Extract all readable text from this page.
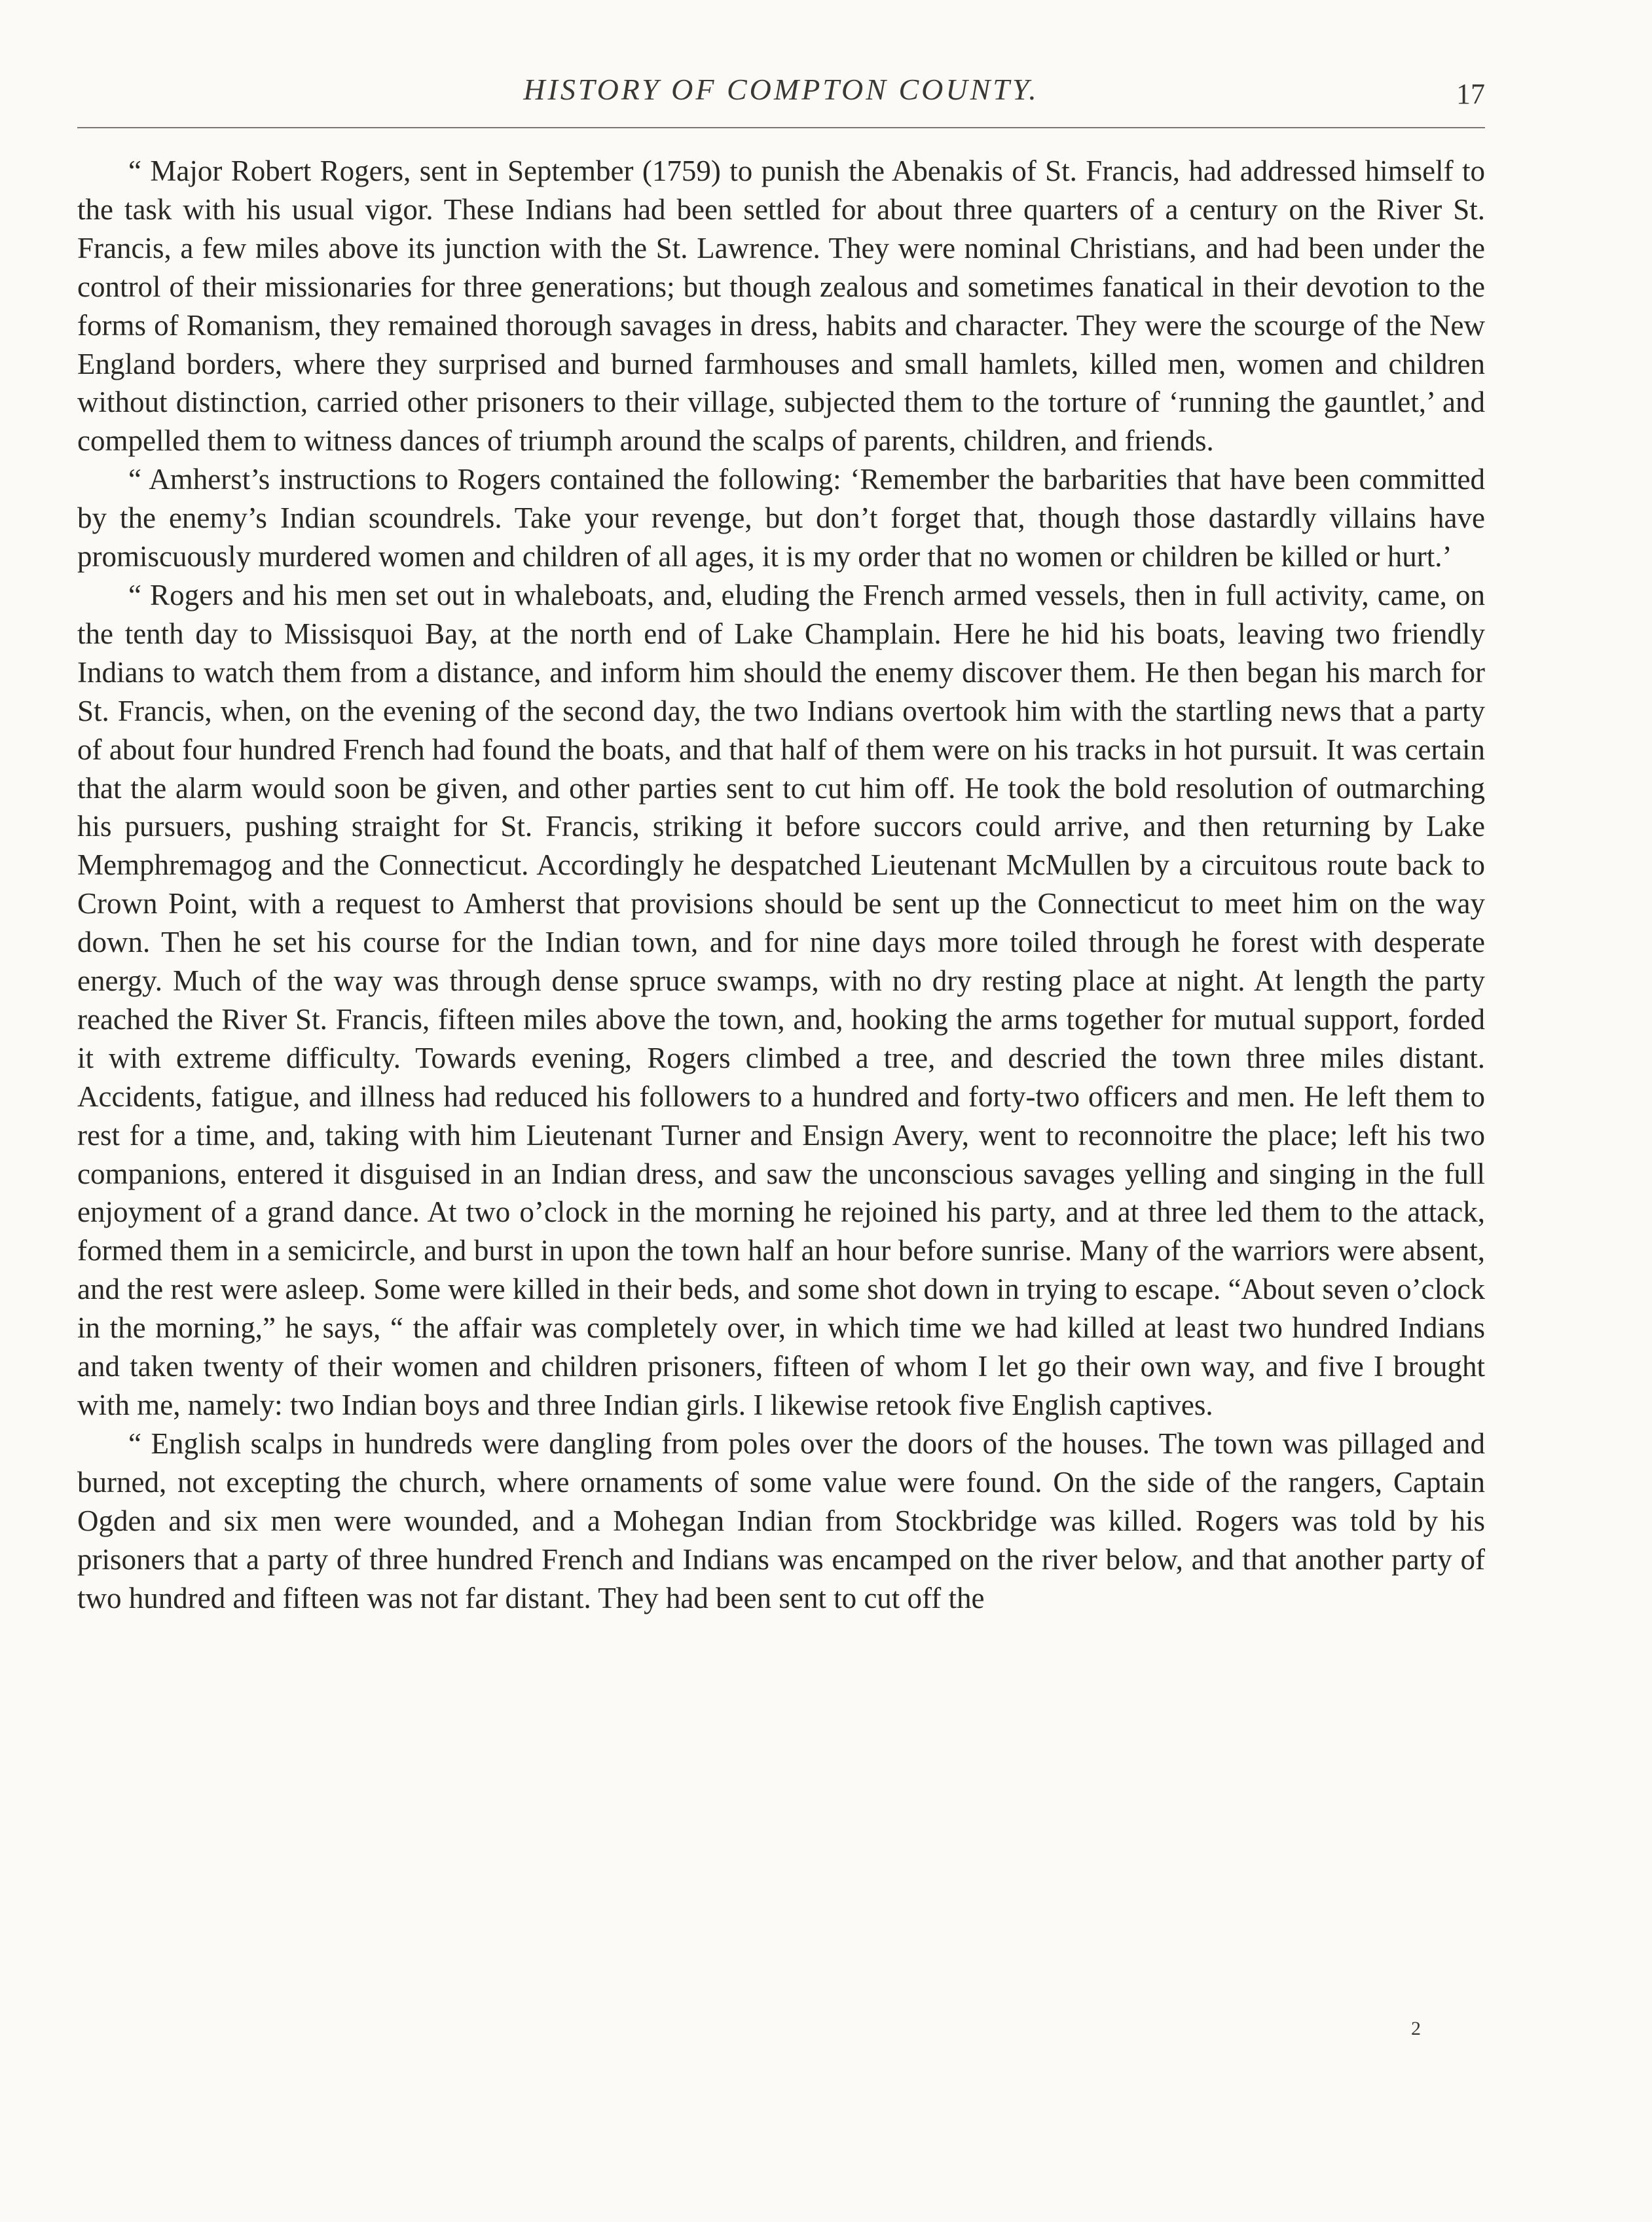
HISTORY OF COMPTON COUNTY.	17

“ Major Robert Rogers, sent in September (1759) to punish the Abenakis of St. Francis, had addressed himself to the task with his usual vigor. These Indians had been settled for about three quarters of a century on the River St. Francis, a few miles above its junction with the St. Lawrence. They were nominal Christians, and had been under the control of their missionaries for three generations; but though zealous and sometimes fanatical in their devotion to the forms of Romanism, they remained thorough savages in dress, habits and character. They were the scourge of the New England borders, where they surprised and burned farmhouses and small hamlets, killed men, women and children without distinction, carried other prisoners to their village, subjected them to the torture of ‘running the gauntlet,’ and compelled them to witness dances of triumph around the scalps of parents, children, and friends.

“ Amherst’s instructions to Rogers contained the following: ‘Remember the barbarities that have been committed by the enemy’s Indian scoundrels. Take your revenge, but don’t forget that, though those dastardly villains have promiscuously murdered women and children of all ages, it is my order that no women or children be killed or hurt.’

“ Rogers and his men set out in whaleboats, and, eluding the French armed vessels, then in full activity, came, on the tenth day to Missisquoi Bay, at the north end of Lake Champlain. Here he hid his boats, leaving two friendly Indians to watch them from a distance, and inform him should the enemy discover them. He then began his march for St. Francis, when, on the evening of the second day, the two Indians overtook him with the startling news that a party of about four hundred French had found the boats, and that half of them were on his tracks in hot pursuit. It was certain that the alarm would soon be given, and other parties sent to cut him off. He took the bold resolution of outmarching his pursuers, pushing straight for St. Francis, striking it before succors could arrive, and then returning by Lake Memphremagog and the Connecticut. Accordingly he despatched Lieutenant McMullen by a circuitous route back to Crown Point, with a request to Amherst that provisions should be sent up the Connecticut to meet him on the way down. Then he set his course for the Indian town, and for nine days more toiled through he forest with desperate energy. Much of the way was through dense spruce swamps, with no dry resting place at night. At length the party reached the River St. Francis, fifteen miles above the town, and, hooking the arms together for mutual support, forded it with extreme difficulty. Towards evening, Rogers climbed a tree, and descried the town three miles distant. Accidents, fatigue, and illness had reduced his followers to a hundred and forty-two officers and men. He left them to rest for a time, and, taking with him Lieutenant Turner and Ensign Avery, went to reconnoitre the place; left his two companions, entered it disguised in an Indian dress, and saw the unconscious savages yelling and singing in the full enjoyment of a grand dance. At two o’clock in the morning he rejoined his party, and at three led them to the attack, formed them in a semicircle, and burst in upon the town half an hour before sunrise. Many of the warriors were absent, and the rest were asleep. Some were killed in their beds, and some shot down in trying to escape. “About seven o’clock in the morning,” he says, “ the affair was completely over, in which time we had killed at least two hundred Indians and taken twenty of their women and children prisoners, fifteen of whom I let go their own way, and five I brought with me, namely: two Indian boys and three Indian girls. I likewise retook five English captives.

“ English scalps in hundreds were dangling from poles over the doors of the houses. The town was pillaged and burned, not excepting the church, where ornaments of some value were found. On the side of the rangers, Captain Ogden and six men were wounded, and a Mohegan Indian from Stockbridge was killed. Rogers was told by his prisoners that a party of three hundred French and Indians was encamped on the river below, and that another party of two hundred and fifteen was not far distant. They had been sent to cut off the

2
